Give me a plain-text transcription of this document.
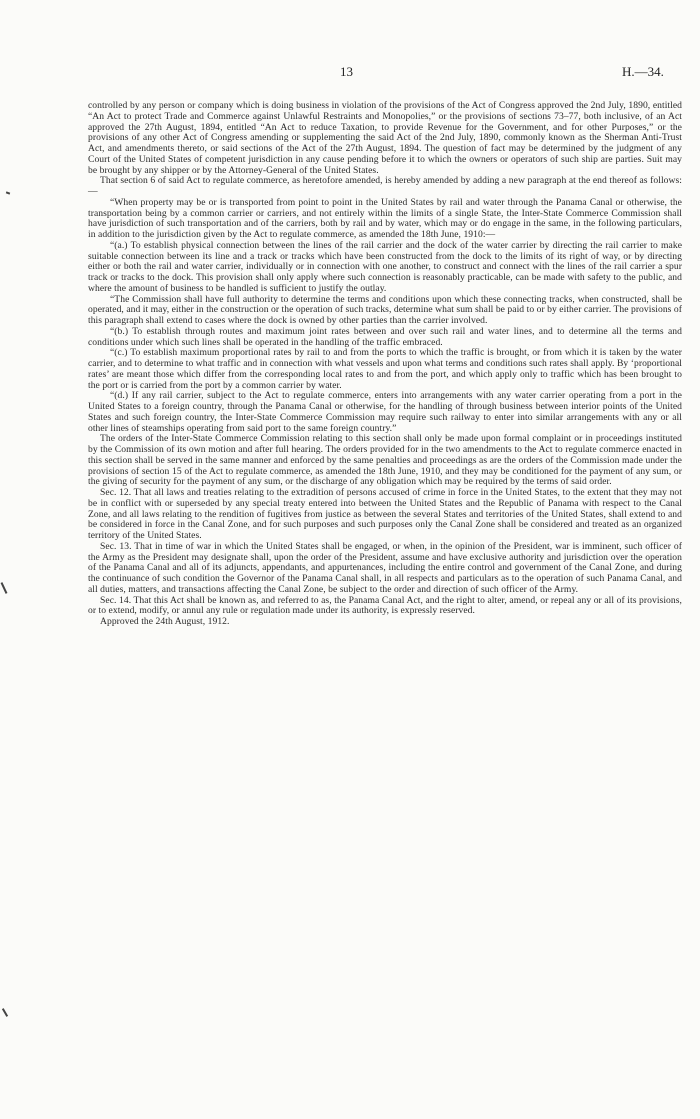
13	H.—34.

controlled by any person or company which is doing business in violation of the provisions of the Act of Congress approved the 2nd July, 1890, entitled “An Act to protect Trade and Commerce against Unlawful Restraints and Monopolies,” or the provisions of sections 73–77, both inclusive, of an Act approved the 27th August, 1894, entitled “An Act to reduce Taxation, to provide Revenue for the Government, and for other Purposes,” or the provisions of any other Act of Congress amending or supplementing the said Act of the 2nd July, 1890, commonly known as the Sherman Anti-Trust Act, and amendments thereto, or said sections of the Act of the 27th August, 1894. The question of fact may be determined by the judgment of any Court of the United States of competent jurisdiction in any cause pending before it to which the owners or operators of such ship are parties. Suit may be brought by any shipper or by the Attorney-General of the United States.

That section 6 of said Act to regulate commerce, as heretofore amended, is hereby amended by adding a new paragraph at the end thereof as follows:—

“When property may be or is transported from point to point in the United States by rail and water through the Panama Canal or otherwise, the transportation being by a common carrier or carriers, and not entirely within the limits of a single State, the Inter-State Commerce Commission shall have jurisdiction of such transportation and of the carriers, both by rail and by water, which may or do engage in the same, in the following particulars, in addition to the jurisdiction given by the Act to regulate commerce, as amended the 18th June, 1910:—

“(a.) To establish physical connection between the lines of the rail carrier and the dock of the water carrier by directing the rail carrier to make suitable connection between its line and a track or tracks which have been constructed from the dock to the limits of its right of way, or by directing either or both the rail and water carrier, individually or in connection with one another, to construct and connect with the lines of the rail carrier a spur track or tracks to the dock. This provision shall only apply where such connection is reasonably practicable, can be made with safety to the public, and where the amount of business to be handled is sufficient to justify the outlay.

“The Commission shall have full authority to determine the terms and conditions upon which these connecting tracks, when constructed, shall be operated, and it may, either in the construction or the operation of such tracks, determine what sum shall be paid to or by either carrier. The provisions of this paragraph shall extend to cases where the dock is owned by other parties than the carrier involved.

“(b.) To establish through routes and maximum joint rates between and over such rail and water lines, and to determine all the terms and conditions under which such lines shall be operated in the handling of the traffic embraced.

“(c.) To establish maximum proportional rates by rail to and from the ports to which the traffic is brought, or from which it is taken by the water carrier, and to determine to what traffic and in connection with what vessels and upon what terms and conditions such rates shall apply. By ‘proportional rates’ are meant those which differ from the corresponding local rates to and from the port, and which apply only to traffic which has been brought to the port or is carried from the port by a common carrier by water.

“(d.) If any rail carrier, subject to the Act to regulate commerce, enters into arrangements with any water carrier operating from a port in the United States to a foreign country, through the Panama Canal or otherwise, for the handling of through business between interior points of the United States and such foreign country, the Inter-State Commerce Commission may require such railway to enter into similar arrangements with any or all other lines of steamships operating from said port to the same foreign country.”

The orders of the Inter-State Commerce Commission relating to this section shall only be made upon formal complaint or in proceedings instituted by the Commission of its own motion and after full hearing. The orders provided for in the two amendments to the Act to regulate commerce enacted in this section shall be served in the same manner and enforced by the same penalties and proceedings as are the orders of the Commission made under the provisions of section 15 of the Act to regulate commerce, as amended the 18th June, 1910, and they may be conditioned for the payment of any sum, or the giving of security for the payment of any sum, or the discharge of any obligation which may be required by the terms of said order.

Sec. 12. That all laws and treaties relating to the extradition of persons accused of crime in force in the United States, to the extent that they may not be in conflict with or superseded by any special treaty entered into between the United States and the Republic of Panama with respect to the Canal Zone, and all laws relating to the rendition of fugitives from justice as between the several States and territories of the United States, shall extend to and be considered in force in the Canal Zone, and for such purposes and such purposes only the Canal Zone shall be considered and treated as an organized territory of the United States.

Sec. 13. That in time of war in which the United States shall be engaged, or when, in the opinion of the President, war is imminent, such officer of the Army as the President may designate shall, upon the order of the President, assume and have exclusive authority and jurisdiction over the operation of the Panama Canal and all of its adjuncts, appendants, and appurtenances, including the entire control and government of the Canal Zone, and during the continuance of such condition the Governor of the Panama Canal shall, in all respects and particulars as to the operation of such Panama Canal, and all duties, matters, and transactions affecting the Canal Zone, be subject to the order and direction of such officer of the Army.

Sec. 14. That this Act shall be known as, and referred to as, the Panama Canal Act, and the right to alter, amend, or repeal any or all of its provisions, or to extend, modify, or annul any rule or regulation made under its authority, is expressly reserved.

Approved the 24th August, 1912.
